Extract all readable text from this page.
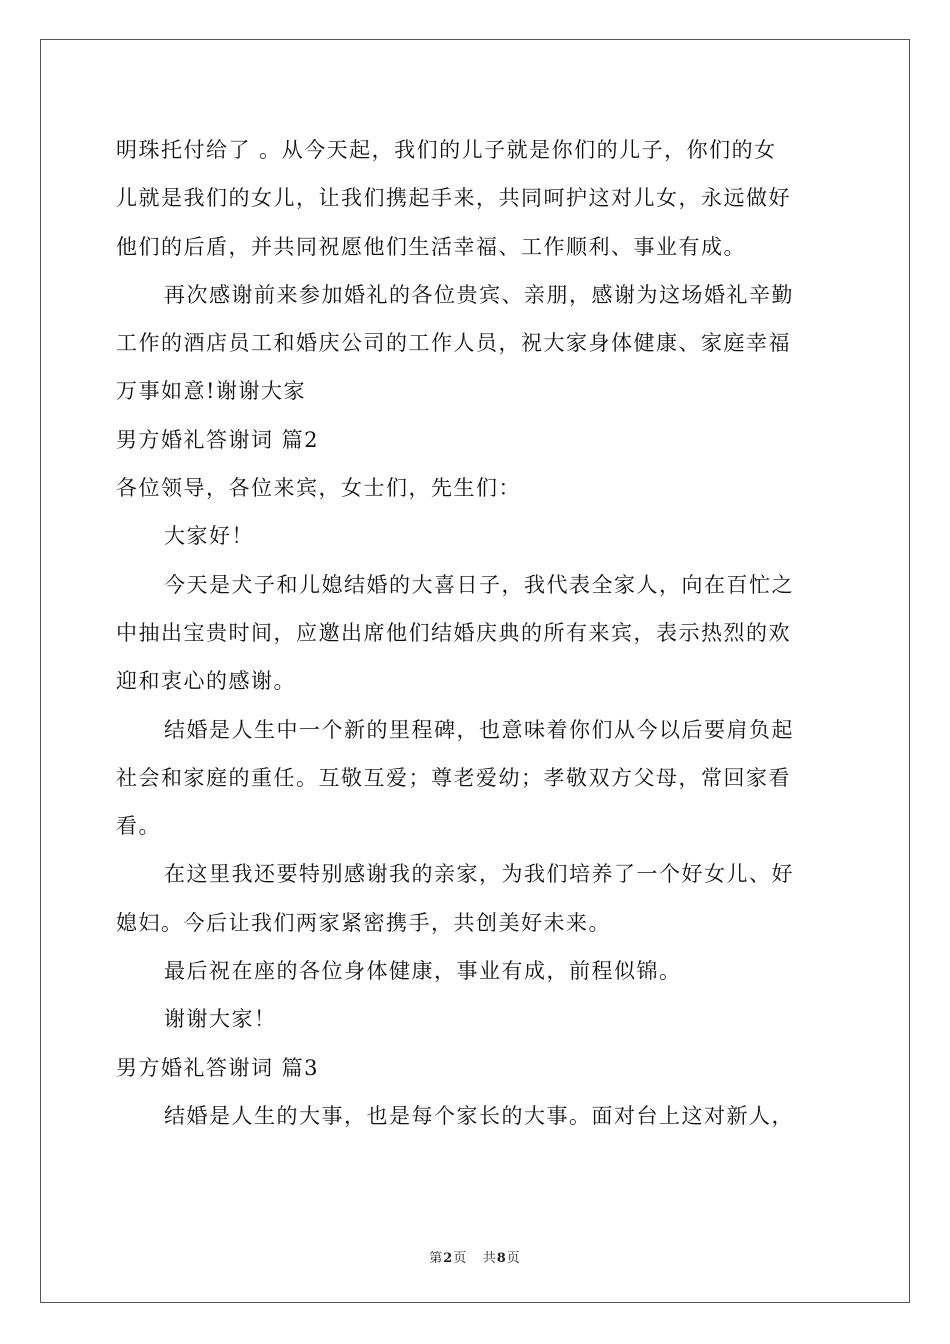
明珠托付给了 。从今天起，我们的儿子就是你们的儿子，你们的女
儿就是我们的女儿，让我们携起手来，共同呵护这对儿女，永远做好
他们的后盾，并共同祝愿他们生活幸福、工作顺利、事业有成。
再次感谢前来参加婚礼的各位贵宾、亲朋，感谢为这场婚礼辛勤
工作的酒店员工和婚庆公司的工作人员，祝大家身体健康、家庭幸福
万事如意!谢谢大家
男方婚礼答谢词 篇2
各位领导，各位来宾，女士们，先生们：
大家好！
今天是犬子和儿媳结婚的大喜日子，我代表全家人，向在百忙之
中抽出宝贵时间，应邀出席他们结婚庆典的所有来宾，表示热烈的欢
迎和衷心的感谢。
结婚是人生中一个新的里程碑，也意味着你们从今以后要肩负起
社会和家庭的重任。互敬互爱；尊老爱幼；孝敬双方父母，常回家看
看。
在这里我还要特别感谢我的亲家，为我们培养了一个好女儿、好
媳妇。今后让我们两家紧密携手，共创美好未来。
最后祝在座的各位身体健康，事业有成，前程似锦。
谢谢大家！
男方婚礼答谢词 篇3
结婚是人生的大事，也是每个家长的大事。面对台上这对新人，
第2页 共8页
